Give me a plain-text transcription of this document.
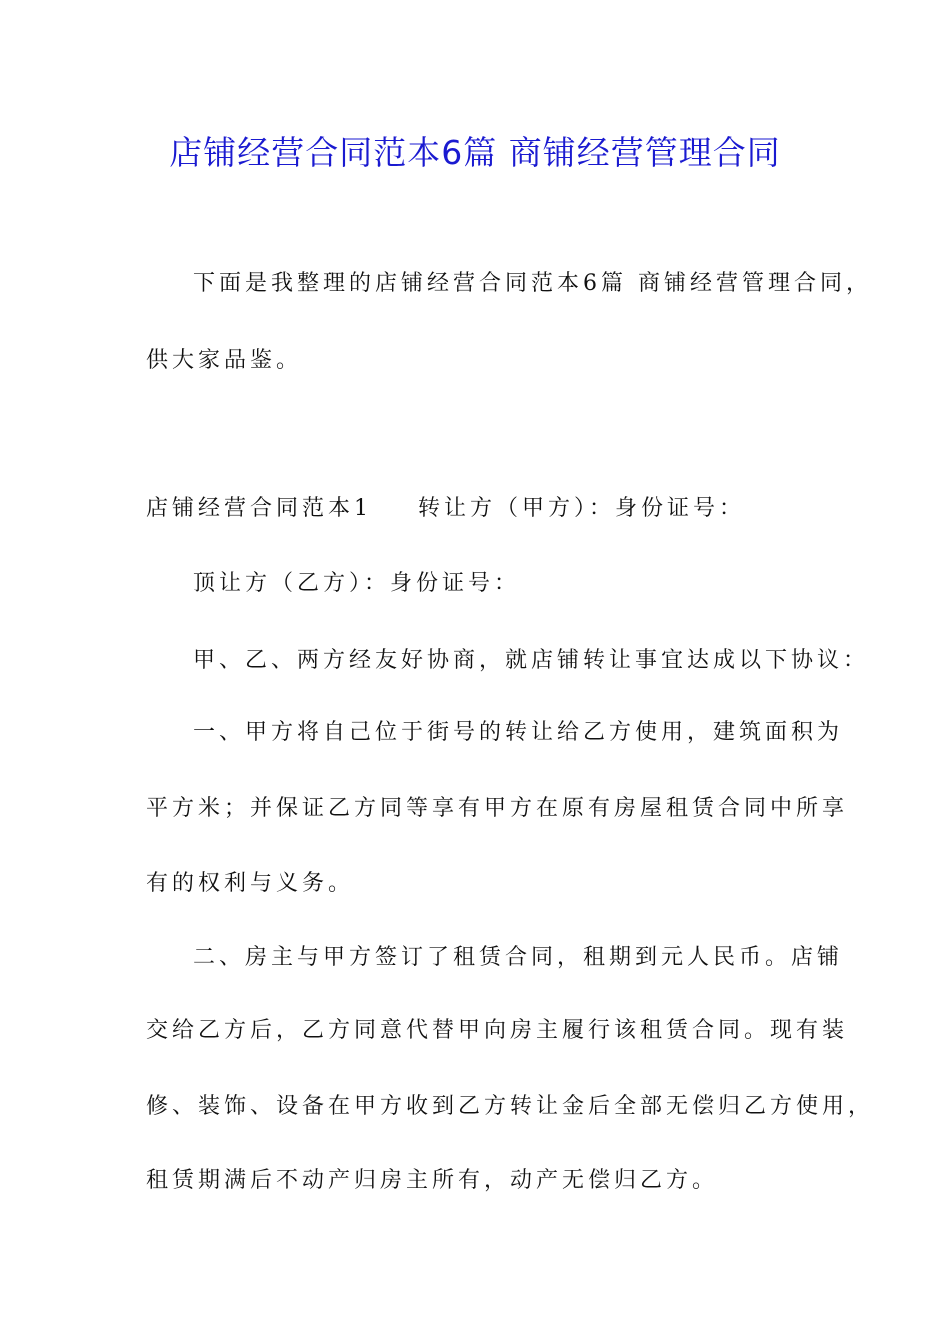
店铺经营合同范本6篇 商铺经营管理合同
下面是我整理的店铺经营合同范本6篇 商铺经营管理合同，
供大家品鉴。
店铺经营合同范本1 转让方（甲方）：身份证号：
顶让方（乙方）：身份证号：
甲、乙、两方经友好协商，就店铺转让事宜达成以下协议：
一、甲方将自己位于街号的转让给乙方使用，建筑面积为
平方米；并保证乙方同等享有甲方在原有房屋租赁合同中所享
有的权利与义务。
二、房主与甲方签订了租赁合同，租期到元人民币。店铺
交给乙方后，乙方同意代替甲向房主履行该租赁合同。现有装
修、装饰、设备在甲方收到乙方转让金后全部无偿归乙方使用，
租赁期满后不动产归房主所有，动产无偿归乙方。
